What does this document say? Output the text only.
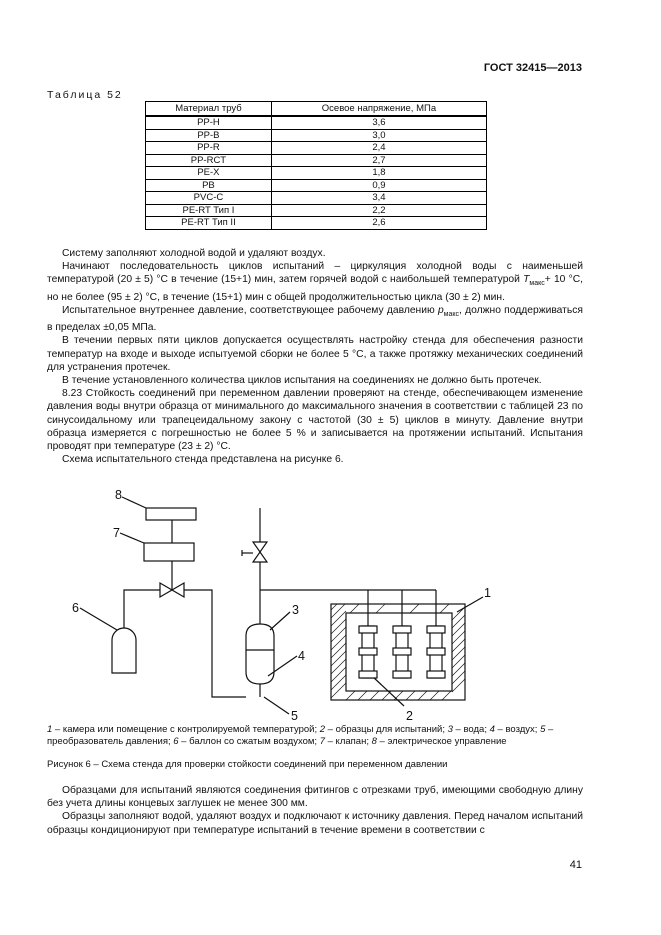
ГОСТ 32415—2013
Таблица 52
Материал труб	Осевое напряжение, МПа
PP-H	3,6
PP-B	3,0
PP-R	2,4
PP-RCT	2,7
PE-X	1,8
PB	0,9
PVC-C	3,4
PE-RT Тип I	2,2
PE-RT Тип II	2,6

Систему заполняют холодной водой и удаляют воздух.

Начинают последовательность циклов испытаний – циркуляция холодной воды с наименьшей температурой (20 ± 5) °C в течение (15+1) мин, затем горячей водой с наибольшей температурой $T_{макс}+ 10$ °C, но не более (95 ± 2) °C, в течение (15+1) мин с общей продолжительностью цикла (30 ± 2) мин.

Испытательное внутреннее давление, соответствующее рабочему давлению $p_{макс}$, должно поддерживаться в пределах ±0,05 МПа.

В течении первых пяти циклов допускается осуществлять настройку стенда для обеспечения разности температур на входе и выходе испытуемой сборки не более 5 °C, а также протяжку механических соединений для устранения протечек.

В течение установленного количества циклов испытания на соединениях не должно быть протечек.

8.23 Стойкость соединений при переменном давлении проверяют на стенде, обеспечивающем изменение давления воды внутри образца от минимального до максимального значения в соответствии с таблицей 23 по синусоидальному или трапецеидальному закону с частотой (30 ± 5) циклов в минуту. Давление внутри образца измеряется с погрешностью не более 5 % и записывается на протяжении испытаний. Испытания проводят при температуре (23 ± 2) °C.

Схема испытательного стенда представлена на рисунке 6.

1
2
3
4
5
6
7
8
1 – камера или помещение с контролируемой температурой; 2 – образцы для испытаний; 3 – вода; 4 – воздух; 5 – преобразователь давления; 6 – баллон со сжатым воздухом; 7 – клапан; 8 – электрическое управление
Рисунок 6 – Схема стенда для проверки стойкости соединений при переменном давлении

Образцами для испытаний являются соединения фитингов с отрезками труб, имеющими свободную длину без учета длины концевых заглушек не менее 300 мм.

Образцы заполняют водой, удаляют воздух и подключают к источнику давления. Перед началом испытаний образцы кондиционируют при температуре испытаний в течение времени в соответствии с

41
